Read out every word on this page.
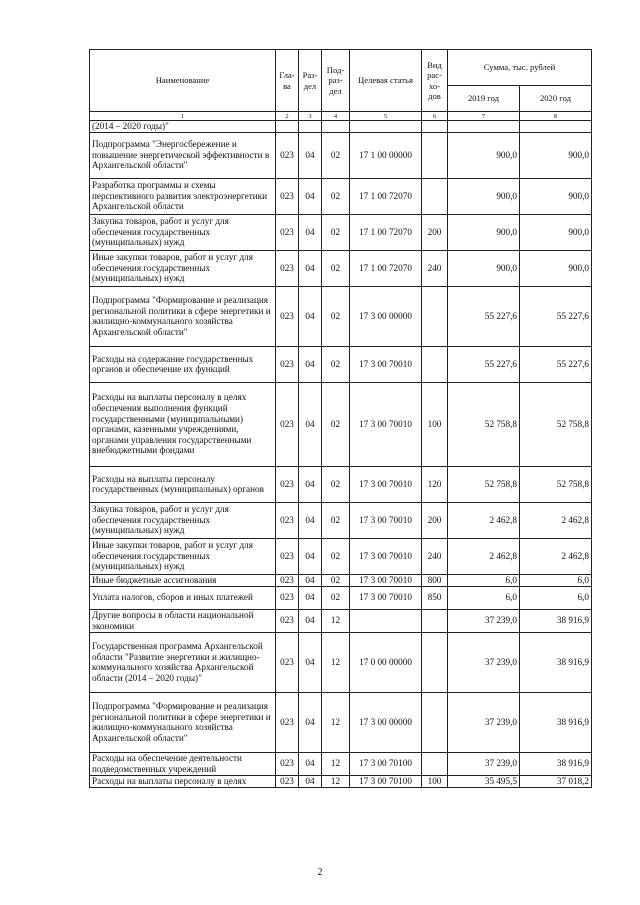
Наименование	Гла-ва	Раз-дел	Под-раз-дел	Целевая статья	Вид рас-хо-дов	Сумма, тыс. рублей	
						2019 год	2020 год
1	2	3	4	5	6	7	8
(2014 – 2020 годы)"							
Подпрограмма "Энергосбережение и повышение энергетической эффективности в Архангельской области"	023	04	02	17 1 00 00000		900,0	900,0
Разработка программы и схемы перспективного развития электроэнергетики Архангельской области	023	04	02	17 1 00 72070		900,0	900,0
Закупка товаров, работ и услуг для обеспечения государственных (муниципальных) нужд	023	04	02	17 1 00 72070	200	900,0	900,0
Иные закупки товаров, работ и услуг для обеспечения государственных (муниципальных) нужд	023	04	02	17 1 00 72070	240	900,0	900,0
Подпрограмма "Формирование и реализация региональной политики в сфере энергетики и жилищно-коммунального хозяйства Архангельской области"	023	04	02	17 3 00 00000		55 227,6	55 227,6
Расходы на содержание государственных органов и обеспечение их функций	023	04	02	17 3 00 70010		55 227,6	55 227,6
Расходы на выплаты персоналу в целях обеспечения выполнения функций государственными (муниципальными) органами, казенными учреждениями, органами управления государственными внебюджетными фондами	023	04	02	17 3 00 70010	100	52 758,8	52 758,8
Расходы на выплаты персоналу государственных (муниципальных) органов	023	04	02	17 3 00 70010	120	52 758,8	52 758,8
Закупка товаров, работ и услуг для обеспечения государственных (муниципальных) нужд	023	04	02	17 3 00 70010	200	2 462,8	2 462,8
Иные закупки товаров, работ и услуг для обеспечения государственных (муниципальных) нужд	023	04	02	17 3 00 70010	240	2 462,8	2 462,8
Иные бюджетные ассигнования	023	04	02	17 3 00 70010	800	6,0	6,0
Уплата налогов, сборов и иных платежей	023	04	02	17 3 00 70010	850	6,0	6,0
Другие вопросы в области национальной экономики	023	04	12			37 239,0	38 916,9
Государственная программа Архангельской области "Развитие энергетики и жилищно-коммунального хозяйства Архангельской области (2014 – 2020 годы)"	023	04	12	17 0 00 00000		37 239,0	38 916,9
Подпрограмма "Формирование и реализация региональной политики в сфере энергетики и жилищно-коммунального хозяйства Архангельской области"	023	04	12	17 3 00 00000		37 239,0	38 916,9
Расходы на обеспечение деятельности подведомственных учреждений	023	04	12	17 3 00 70100		37 239,0	38 916,9
Расходы на выплаты персоналу в целях	023	04	12	17 3 00 70100	100	35 495,5	37 018,2
2
